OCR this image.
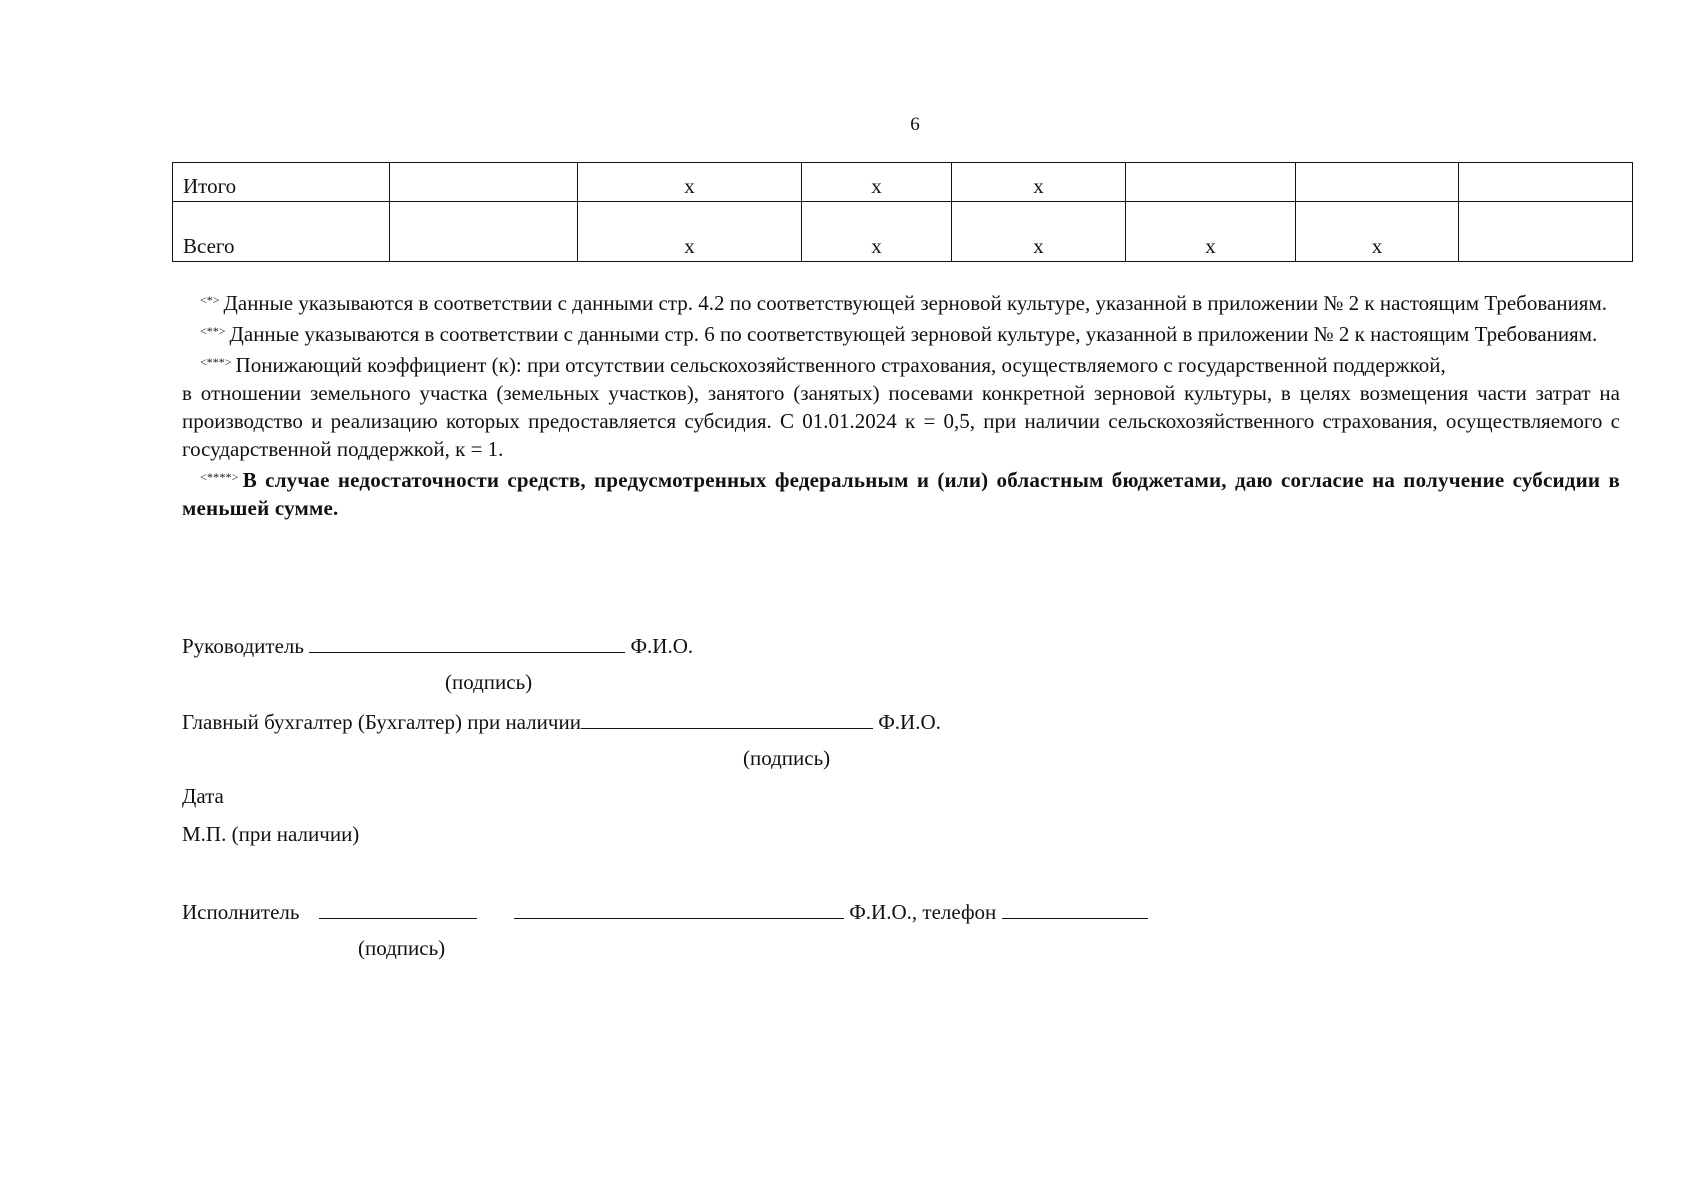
6
Итого		х	х	х			
Всего		х	х	х	х	х	

<*> Данные указываются в соответствии с данными стр. 4.2 по соответствующей зерновой культуре, указанной в приложении № 2 к настоящим Требованиям.

<**> Данные указываются в соответствии с данными стр. 6 по соответствующей зерновой культуре, указанной в приложении № 2 к настоящим Требованиям.

<***> Понижающий коэффициент (к): при отсутствии сельскохозяйственного страхования, осуществляемого с государственной поддержкой,

в отношении земельного участка (земельных участков), занятого (занятых) посевами конкретной зерновой культуры, в целях возмещения части затрат на производство и реализацию которых предоставляется субсидия. С 01.01.2024 к = 0,5, при наличии сельскохозяйственного страхования, осуществляемого с государственной поддержкой, к = 1.

<****> В случае недостаточности средств, предусмотренных федеральным и (или) областным бюджетами, даю согласие на получение субсидии в меньшей сумме.

Руководитель	Ф.И.О.
(подпись)
Главный бухгалтер (Бухгалтер) при наличии	Ф.И.О.
(подпись)
Дата
М.П. (при наличии)
Исполнитель	Ф.И.О., телефон
(подпись)
